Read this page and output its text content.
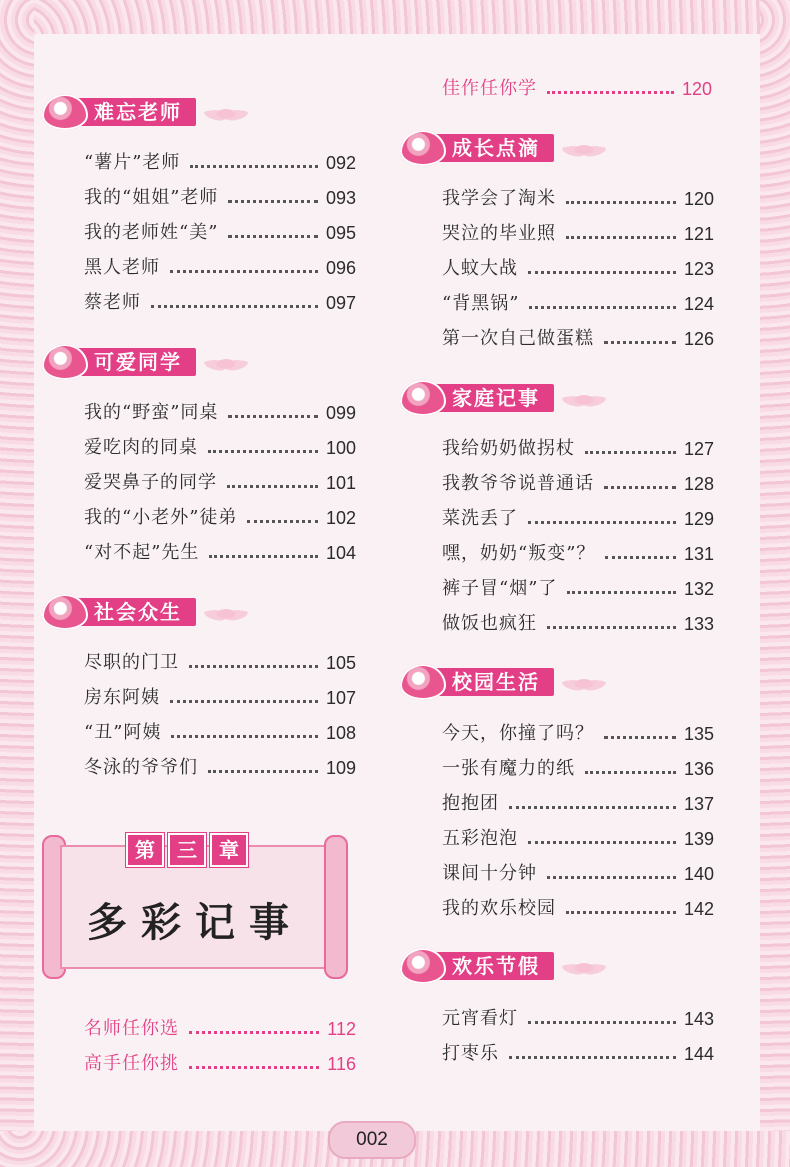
难忘老师
“薯片”老师	092
我的“姐姐”老师	093
我的老师姓“美”	095
黑人老师	096
蔡老师	097
可爱同学
我的“野蛮”同桌	099
爱吃肉的同桌	100
爱哭鼻子的同学	101
我的“小老外”徒弟	102
“对不起”先生	104
社会众生
尽职的门卫	105
房东阿姨	107
“丑”阿姨	108
冬泳的爷爷们	109
名师任你选	112
高手任你挑	116
佳作任你学	120
成长点滴
我学会了淘米	120
哭泣的毕业照	121
人蚊大战	123
“背黑锅”	124
第一次自己做蛋糕	126
家庭记事
我给奶奶做拐杖	127
我教爷爷说普通话	128
菜洗丢了	129
嘿，奶奶“叛变”？	131
裤子冒“烟”了	132
做饭也疯狂	133
校园生活
今天，你撞了吗？	135
一张有魔力的纸	136
抱抱团	137
五彩泡泡	139
课间十分钟	140
我的欢乐校园	142
欢乐节假
元宵看灯	143
打枣乐	144
第	三	章
多彩记事
002
